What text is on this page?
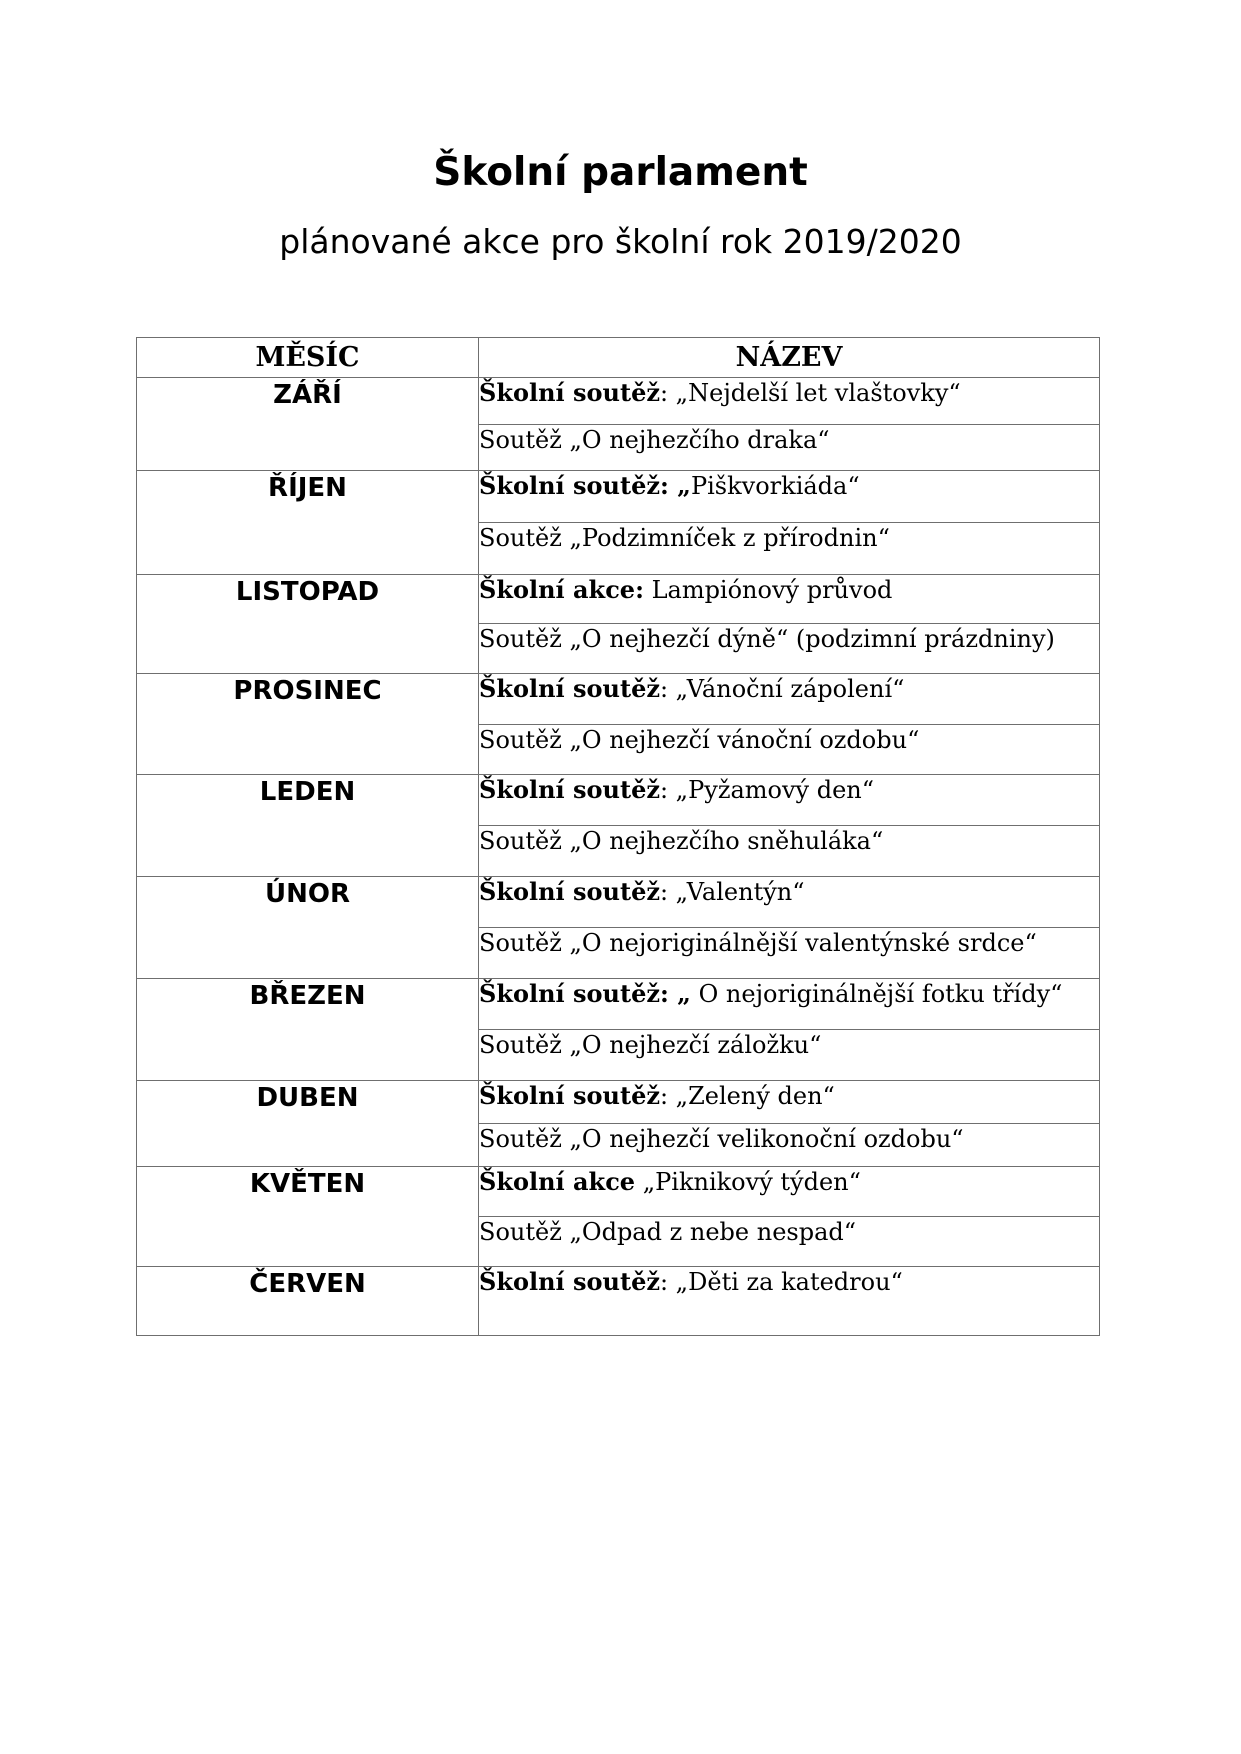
Školní parlament
plánované akce pro školní rok 2019/2020
MĚSÍC	NÁZEV
ZÁŘÍ	Školní soutěž: „Nejdelší let vlaštovky“
	Soutěž „O nejhezčího draka“
ŘÍJEN	Školní soutěž: „Piškvorkiáda“
	Soutěž „Podzimníček z přírodnin“
LISTOPAD	Školní akce: Lampiónový průvod
	Soutěž „O nejhezčí dýně“ (podzimní prázdniny)
PROSINEC	Školní soutěž: „Vánoční zápolení“
	Soutěž „O nejhezčí vánoční ozdobu“
LEDEN	Školní soutěž: „Pyžamový den“
	Soutěž „O nejhezčího sněhuláka“
ÚNOR	Školní soutěž: „Valentýn“
	Soutěž „O nejoriginálnější valentýnské srdce“
BŘEZEN	Školní soutěž: „ O nejoriginálnější fotku třídy“
	Soutěž „O nejhezčí záložku“
DUBEN	Školní soutěž: „Zelený den“
	Soutěž „O nejhezčí velikonoční ozdobu“
KVĚTEN	Školní akce „Piknikový týden“
	Soutěž „Odpad z nebe nespad“
ČERVEN	Školní soutěž: „Děti za katedrou“
